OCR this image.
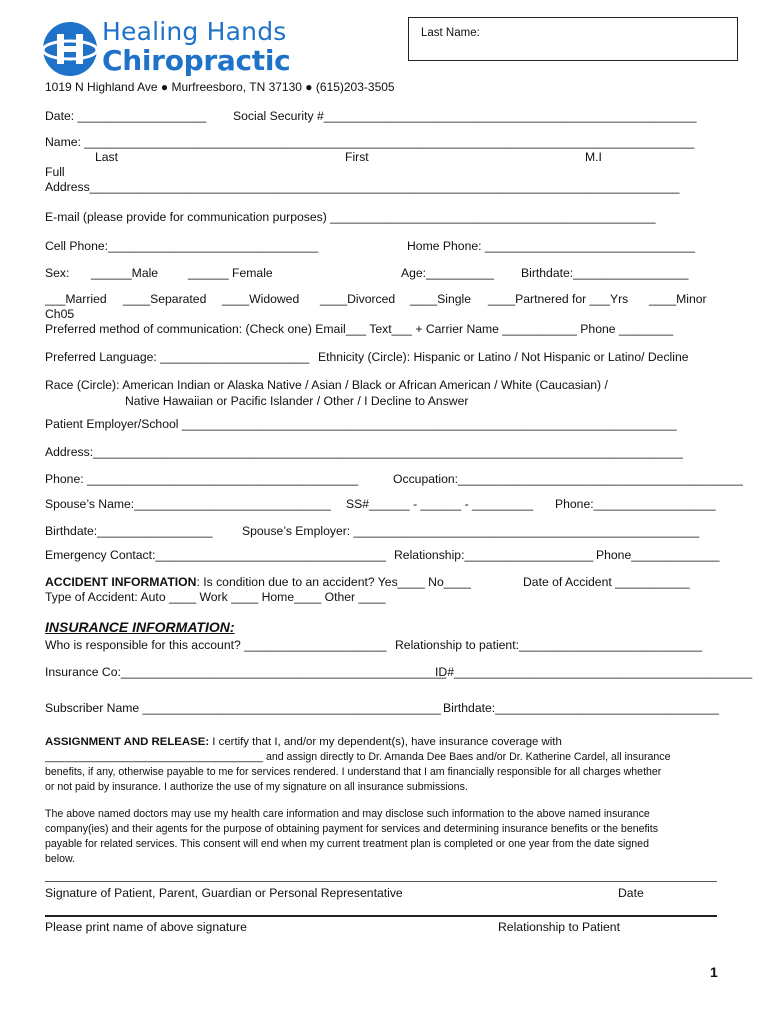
Healing Hands
Chiropractic
Last Name:
1019 N Highland Ave ● Murfreesboro, TN 37130 ● (615)203-3505
Date: ___________________ Social Security #_______________________________________________________
Name: __________________________________________________________________________________________
Last	First	M.I
Full
Address_______________________________________________________________________________________
E-mail (please provide for communication purposes) ________________________________________________
Cell Phone:_______________________________	Home Phone: _______________________________
Sex: ______Male ______ Female	Age:__________ Birthdate:_________________
___Married ____Separated ____Widowed ____Divorced ____Single ____Partnered for ___Yrs ____Minor
Ch05
Preferred method of communication: (Check one) Email___ Text___ + Carrier Name ___________ Phone ________
Preferred Language: ______________________ Ethnicity (Circle): Hispanic or Latino / Not Hispanic or Latino/ Decline
Race (Circle): American Indian or Alaska Native / Asian / Black or African American / White (Caucasian) /
Native Hawaiian or Pacific Islander / Other / I Decline to Answer
Patient Employer/School _________________________________________________________________________
Address:_______________________________________________________________________________________
Phone: ________________________________________	Occupation:__________________________________________
Spouse’s Name:_____________________________ SS#______ - ______ - _________ Phone:__________________
Birthdate:_________________ Spouse’s Employer: ___________________________________________________
Emergency Contact:__________________________________ Relationship:___________________ Phone_____________
ACCIDENT INFORMATION: Is condition due to an accident? Yes____ No____	Date of Accident ___________
Type of Accident: Auto ____ Work ____ Home____ Other ____
INSURANCE INFORMATION:
Who is responsible for this account? _____________________ Relationship to patient:___________________________
Insurance Co:________________________________________________
ID#____________________________________________
Subscriber Name ____________________________________________ Birthdate:_________________________________
ASSIGNMENT AND RELEASE: I certify that I, and/or my dependent(s), have insurance coverage with
_____________________________________ and assign directly to Dr. Amanda Dee Baes and/or Dr. Katherine Cardel, all insurance
benefits, if any, otherwise payable to me for services rendered. I understand that I am financially responsible for all charges whether
or not paid by insurance. I authorize the use of my signature on all insurance submissions.
The above named doctors may use my health care information and may disclose such information to the above named insurance
company(ies) and their agents for the purpose of obtaining payment for services and determining insurance benefits or the benefits
payable for related services. This consent will end when my current treatment plan is completed or one year from the date signed
below.
Signature of Patient, Parent, Guardian or Personal Representative	Date
Please print name of above signature	Relationship to Patient
1
